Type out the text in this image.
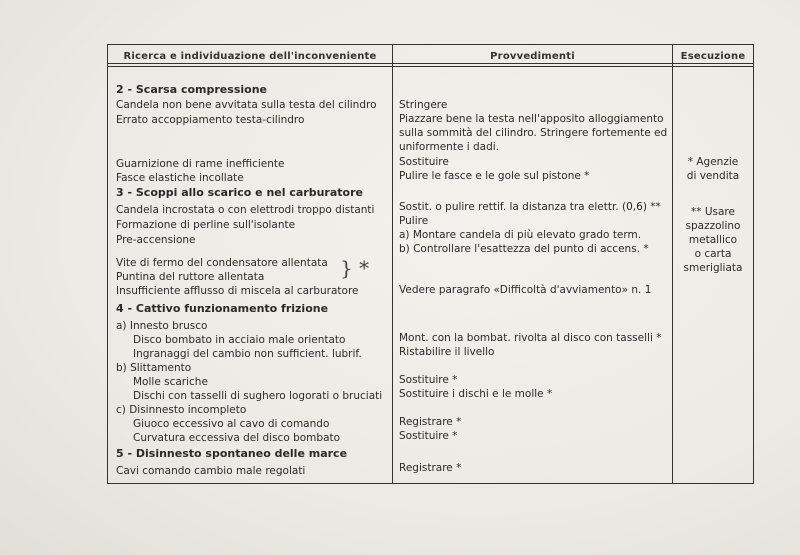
Ricerca e individuazione dell'inconveniente	Provvedimenti	Esecuzione
2 - Scarsa compressione
Candela non bene avvitata sulla testa del cilindro
Errato accoppiamento testa-cilindro
Guarnizione di rame inefficiente
Fasce elastiche incollate
3 - Scoppi allo scarico e nel carburatore
Candela incrostata o con elettrodi troppo distanti
Formazione di perline sull'isolante
Pre-accensione
Vite di fermo del condensatore allentata
Puntina del ruttore allentata
Insufficiente afflusso di miscela al carburatore
4 - Cattivo funzionamento frizione
a) Innesto brusco
Disco bombato in acciaio male orientato
Ingranaggi del cambio non sufficient. lubrif.
b) Slittamento
Molle scariche
Dischi con tasselli di sughero logorati o bruciati
c) Disinnesto incompleto
Giuoco eccessivo al cavo di comando
Curvatura eccessiva del disco bombato
5 - Disinnesto spontaneo delle marce
Cavi comando cambio male regolati
} *
Stringere
Piazzare bene la testa nell'apposito alloggiamento
sulla sommità del cilindro. Stringere fortemente ed
uniformente i dadi.
Sostituire
Pulire le fasce e le gole sul pistone *
Sostit. o pulire rettif. la distanza tra elettr. (0,6) **
Pulire
a) Montare candela di più elevato grado term.
b) Controllare l'esattezza del punto di accens. *
Vedere paragrafo «Difficoltà d'avviamento» n. 1
Mont. con la bombat. rivolta al disco con tasselli *
Ristabilire il livello
Sostituire *
Sostituire i dischi e le molle *
Registrare *
Sostituire *
Registrare *
* Agenzie
di vendita
** Usare
spazzolino
metallico
o carta
smerigliata
